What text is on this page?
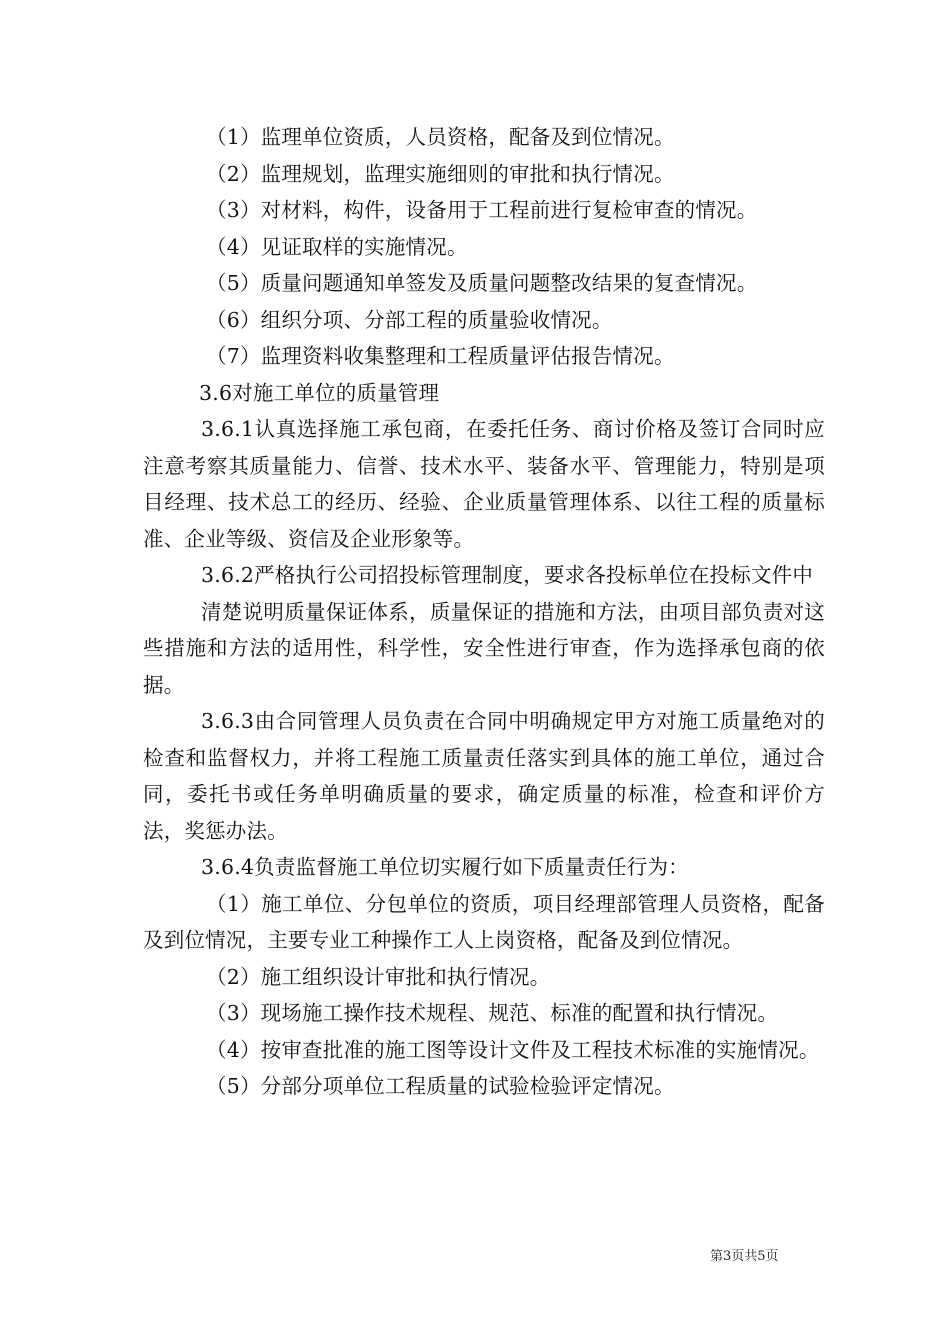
（1）监理单位资质，人员资格，配备及到位情况。

（2）监理规划，监理实施细则的审批和执行情况。

（3）对材料，构件，设备用于工程前进行复检审查的情况。

（4）见证取样的实施情况。

（5）质量问题通知单签发及质量问题整改结果的复查情况。

（6）组织分项、分部工程的质量验收情况。

（7）监理资料收集整理和工程质量评估报告情况。

3.6对施工单位的质量管理

3.6.1认真选择施工承包商，在委托任务、商讨价格及签订合同时应注意考察其质量能力、信誉、技术水平、装备水平、管理能力，特别是项目经理、技术总工的经历、经验、企业质量管理体系、以往工程的质量标准、企业等级、资信及企业形象等。

3.6.2严格执行公司招投标管理制度，要求各投标单位在投标文件中

清楚说明质量保证体系，质量保证的措施和方法，由项目部负责对这些措施和方法的适用性，科学性，安全性进行审查，作为选择承包商的依据。

3.6.3由合同管理人员负责在合同中明确规定甲方对施工质量绝对的检查和监督权力，并将工程施工质量责任落实到具体的施工单位，通过合同，委托书或任务单明确质量的要求，确定质量的标准，检查和评价方法，奖惩办法。

3.6.4负责监督施工单位切实履行如下质量责任行为：

（1）施工单位、分包单位的资质，项目经理部管理人员资格，配备及到位情况，主要专业工种操作工人上岗资格，配备及到位情况。

（2）施工组织设计审批和执行情况。

（3）现场施工操作技术规程、规范、标准的配置和执行情况。

（4）按审查批准的施工图等设计文件及工程技术标准的实施情况。

（5）分部分项单位工程质量的试验检验评定情况。

第3页共5页
